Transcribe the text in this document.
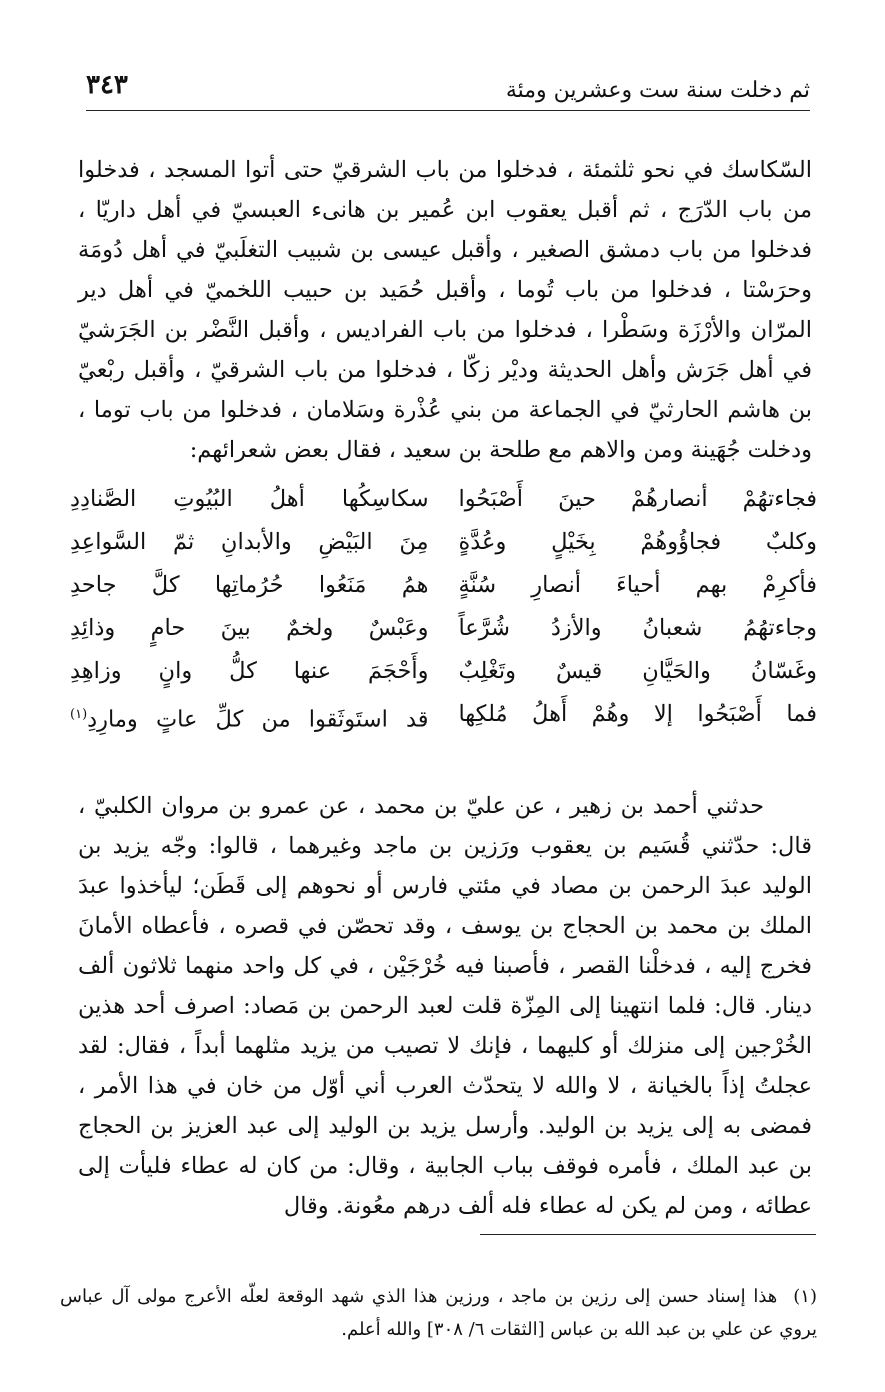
ثم دخلت سنة ست وعشرين ومئة
٣٤٣

السّكاسك في نحو ثلثمئة ، فدخلوا من باب الشرقيّ حتى أتوا المسجد ، فدخلوا من باب الدّرَج ، ثم أقبل يعقوب ابن عُمير بن هانىء العبسيّ في أهل داريّا ، فدخلوا من باب دمشق الصغير ، وأقبل عيسى بن شبيب التغلَبيّ في أهل دُومَة وحرَسْتا ، فدخلوا من باب تُوما ، وأقبل حُمَيد بن حبيب اللخميّ في أهل دير المرّان والأرْزَة وسَطْرا ، فدخلوا من باب الفراديس ، وأقبل النَّضْر بن الجَرَشيّ في أهل جَرَش وأهل الحديثة وديْر زكّا ، فدخلوا من باب الشرقيّ ، وأقبل ربْعيّ بن هاشم الحارثيّ في الجماعة من بني عُذْرة وسَلامان ، فدخلوا من باب توما ، ودخلت جُهَينة ومن والاهم مع طلحة بن سعيد ، فقال بعض شعرائهم:

فجاءتهُمْ أنصارهُمْ حينَ أَصْبَحُوا
سكاسِكُها أهلُ البُيُوتِ الصَّنادِدِ
وكلبٌ فجاؤُوهُمْ بِخَيْلٍ وعُدَّةٍ
مِنَ البَيْضِ والأبدانِ ثمّ السَّواعِدِ
فأكرِمْ بهم أحياءَ أنصارِ سُنَّةٍ
همُ مَنَعُوا حُرُماتِها كلَّ جاحدِ
وجاءتهُمُ شعبانُ والأزدُ شُرَّعاً
وعَبْسٌ ولخمٌ بينَ حامٍ وذائِدِ
وغَسّانُ والحَيَّانِ قيسٌ وتَغْلِبٌ
وأَحْجَمَ عنها كلُّ وانٍ وزاهِدِ
فما أَصْبَحُوا إلا وهُمْ أَهلُ مُلكِها
قد استَوثَقوا من كلِّ عاتٍ ومارِدِ$^{(١)}$

حدثني أحمد بن زهير ، عن عليّ بن محمد ، عن عمرو بن مروان الكلبيّ ، قال: حدّثني قُسَيم بن يعقوب ورَزين بن ماجد وغيرهما ، قالوا: وجّه يزيد بن الوليد عبدَ الرحمن بن مصاد في مئتي فارس أو نحوهم إلى قَطَن؛ ليأخذوا عبدَ الملك بن محمد بن الحجاج بن يوسف ، وقد تحصّن في قصره ، فأعطاه الأمانَ فخرج إليه ، فدخلْنا القصر ، فأصبنا فيه خُرْجَيْن ، في كل واحد منهما ثلاثون ألف دينار. قال: فلما انتهينا إلى المِزّة قلت لعبد الرحمن بن مَصاد: اصرف أحد هذين الخُرْجين إلى منزلك أو كليهما ، فإنك لا تصيب من يزيد مثلهما أبداً ، فقال: لقد عجلتُ إذاً بالخيانة ، لا والله لا يتحدّث العرب أني أوّل من خان في هذا الأمر ، فمضى به إلى يزيد بن الوليد. وأرسل يزيد بن الوليد إلى عبد العزيز بن الحجاج بن عبد الملك ، فأمره فوقف بباب الجابية ، وقال: من كان له عطاء فليأت إلى عطائه ، ومن لم يكن له عطاء فله ألف درهم معُونة. وقال

(١)هذا إسناد حسن إلى رزين بن ماجد ، ورزين هذا الذي شهد الوقعة لعلّه الأعرج مولى آل عباس يروي عن علي بن عبد الله بن عباس [الثقات ٦/ ٣٠٨] والله أعلم.
